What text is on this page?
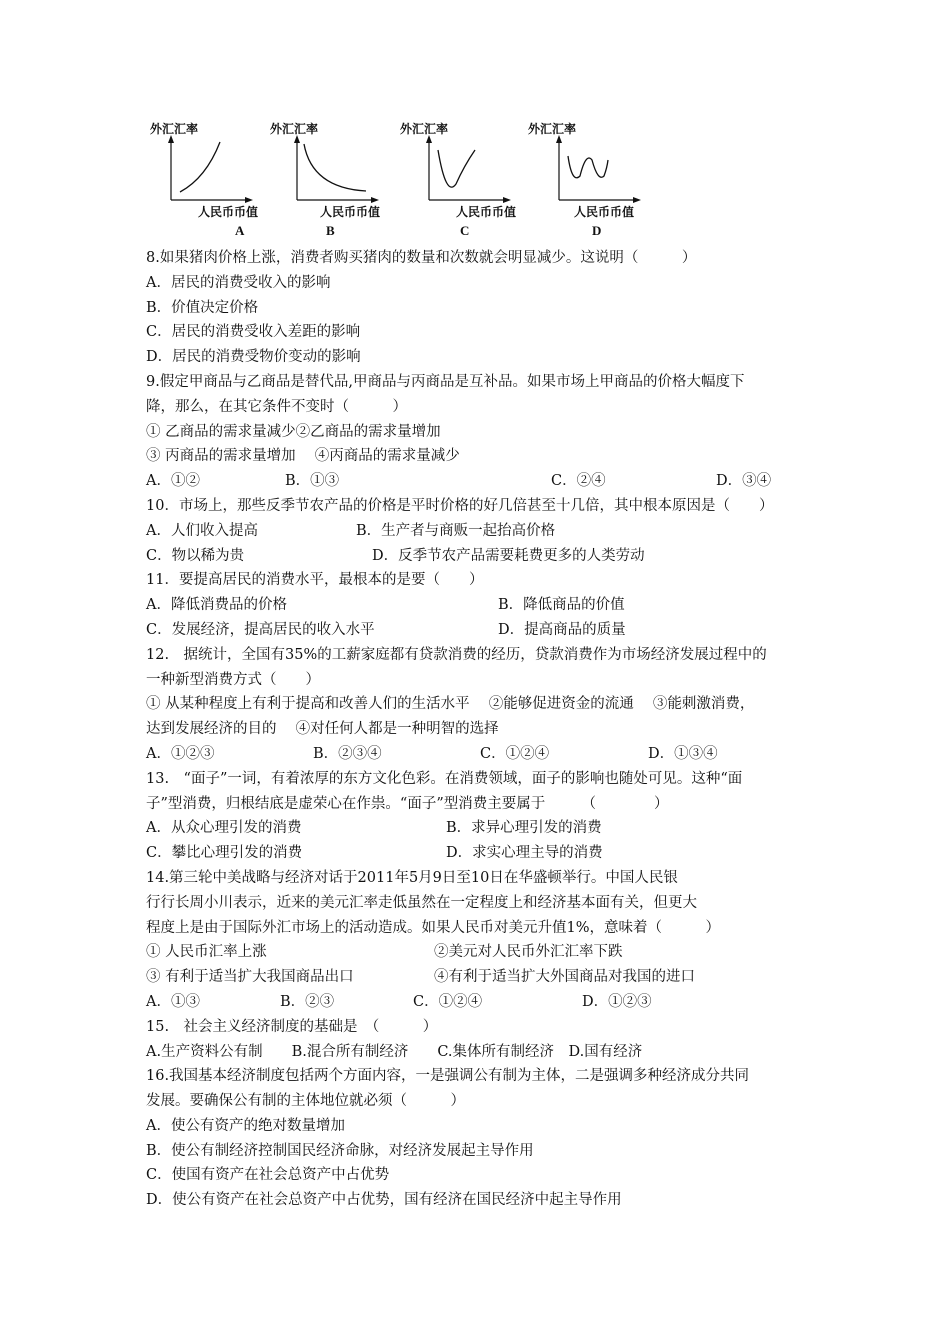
外汇汇率
人民币币值
A
外汇汇率
人民币币值
B
外汇汇率
人民币币值
C
外汇汇率
人民币币值
D
8.如果猪肉价格上涨，消费者购买猪肉的数量和次数就会明显减少。这说明（　　　）
A．居民的消费受收入的影响
B．价值决定价格
C．居民的消费受收入差距的影响
D．居民的消费受物价变动的影响
9.假定甲商品与乙商品是替代品,甲商品与丙商品是互补品。如果市场上甲商品的价格大幅度下
降，那么，在其它条件不变时（　　　）
① 乙商品的需求量减少②乙商品的需求量增加
③ 丙商品的需求量增加　 ④丙商品的需求量减少
A．①②	B．①③	C．②④	D．③④
10．市场上，那些反季节农产品的价格是平时价格的好几倍甚至十几倍，其中根本原因是（　　）
A．人们收入提高	B．生产者与商贩一起抬高价格
C．物以稀为贵	D．反季节农产品需要耗费更多的人类劳动
11．要提高居民的消费水平，最根本的是要（　　）
A．降低消费品的价格	B．降低商品的价值
C．发展经济，提高居民的收入水平	D．提高商品的质量
12.　据统计，全国有35%的工薪家庭都有贷款消费的经历，贷款消费作为市场经济发展过程中的
一种新型消费方式（　　）
① 从某种程度上有利于提高和改善人们的生活水平　 ②能够促进资金的流通　 ③能刺激消费，
达到发展经济的目的　 ④对任何人都是一种明智的选择
A．①②③	B．②③④	C．①②④	D．①③④
13.　“面子”一词，有着浓厚的东方文化色彩。在消费领域，面子的影响也随处可见。这种“面
子”型消费，归根结底是虚荣心在作祟。“面子”型消费主要属于　　　（　　　　）
A．从众心理引发的消费	B．求异心理引发的消费
C．攀比心理引发的消费	D．求实心理主导的消费
14.第三轮中美战略与经济对话于2011年5月9日至10日在华盛顿举行。中国人民银
行行长周小川表示，近来的美元汇率走低虽然在一定程度上和经济基本面有关，但更大
程度上是由于国际外汇市场上的活动造成。如果人民币对美元升值1%，意味着（　　　）
① 人民币汇率上涨	②美元对人民币外汇汇率下跌
③ 有利于适当扩大我国商品出口	④有利于适当扩大外国商品对我国的进口
A．①③	B．②③	C．①②④	D．①②③
15.　社会主义经济制度的基础是　（　　　）
A.生产资料公有制　　B.混合所有制经济　　C.集体所有制经济　D.国有经济
16.我国基本经济制度包括两个方面内容，一是强调公有制为主体，二是强调多种经济成分共同
发展。要确保公有制的主体地位就必须（　　　）
A．使公有资产的绝对数量增加
B．使公有制经济控制国民经济命脉，对经济发展起主导作用
C．使国有资产在社会总资产中占优势
D．使公有资产在社会总资产中占优势，国有经济在国民经济中起主导作用
